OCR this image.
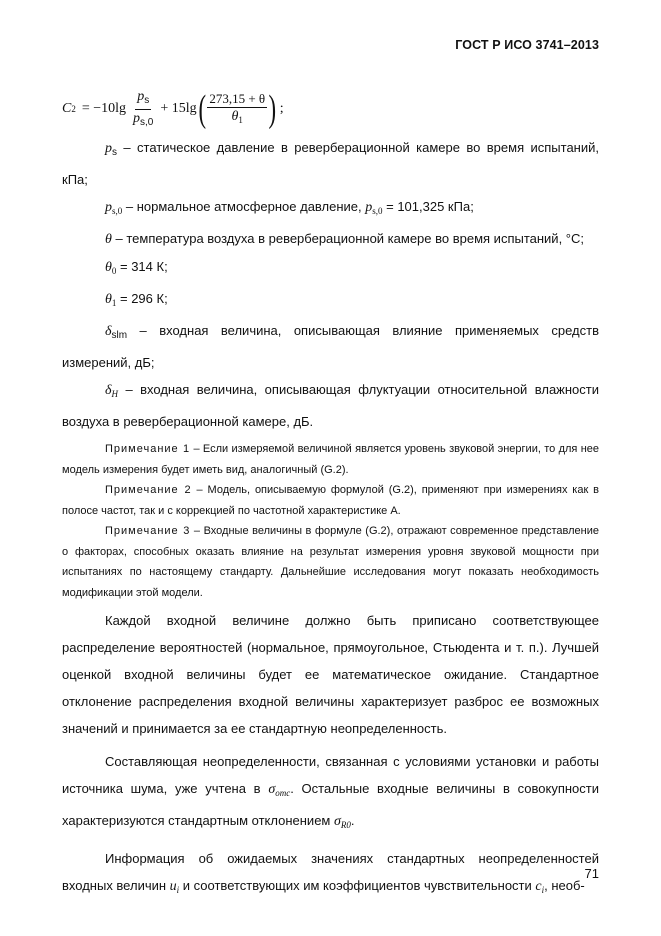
ГОСТ Р ИСО 3741–2013
C $2 = -10\lg \frac{p_s}{p_{s,0}} + 15\lg$ ( $\frac{273,15 + \theta}{\theta_1}$ ) ;

$p_s$ – статическое давление в реверберационной камере во время испытаний, кПа;

$p_{s,0}$ – нормальное атмосферное давление, $p_{s,0} = 101,325$ кПа;

θ – температура воздуха в реверберационной камере во время испытаний, °С;

$\theta_0 = 314$ К;

$\theta_1 = 296$ К;

$\delta_{slm}$ – входная величина, описывающая влияние применяемых средств измерений, дБ;

$\delta_H$ – входная величина, описывающая флуктуации относительной влажности воздуха в реверберационной камере, дБ.

Примечание 1 – Если измеряемой величиной является уровень звуковой энергии, то для нее модель измерения будет иметь вид, аналогичный (G.2).

Примечание 2 – Модель, описываемую формулой (G.2), применяют при измерениях как в полосе частот, так и с коррекцией по частотной характеристике А.

Примечание 3 – Входные величины в формуле (G.2), отражают современное представление о факторах, способных оказать влияние на результат измерения уровня звуковой мощности при испытаниях по настоящему стандарту. Дальнейшие исследования могут показать необходимость модификации этой модели.

Каждой входной величине должно быть приписано соответствующее распределение вероятностей (нормальное, прямоугольное, Стьюдента и т. п.). Лучшей оценкой входной величины будет ее математическое ожидание. Стандартное отклонение распределения входной величины характеризует разброс ее возможных значений и принимается за ее стандартную неопределенность.

Составляющая неопределенности, связанная с условиями установки и работы источника шума, уже учтена в $\sigma_{omc}$. Остальные входные величины в совокупности характеризуются стандартным отклонением $\sigma_{R0}$.

Информация об ожидаемых значениях стандартных неопределенностей входных величин $u_i$ и соответствующих им коэффициентов чувствительности $c_i$, необ-

71
